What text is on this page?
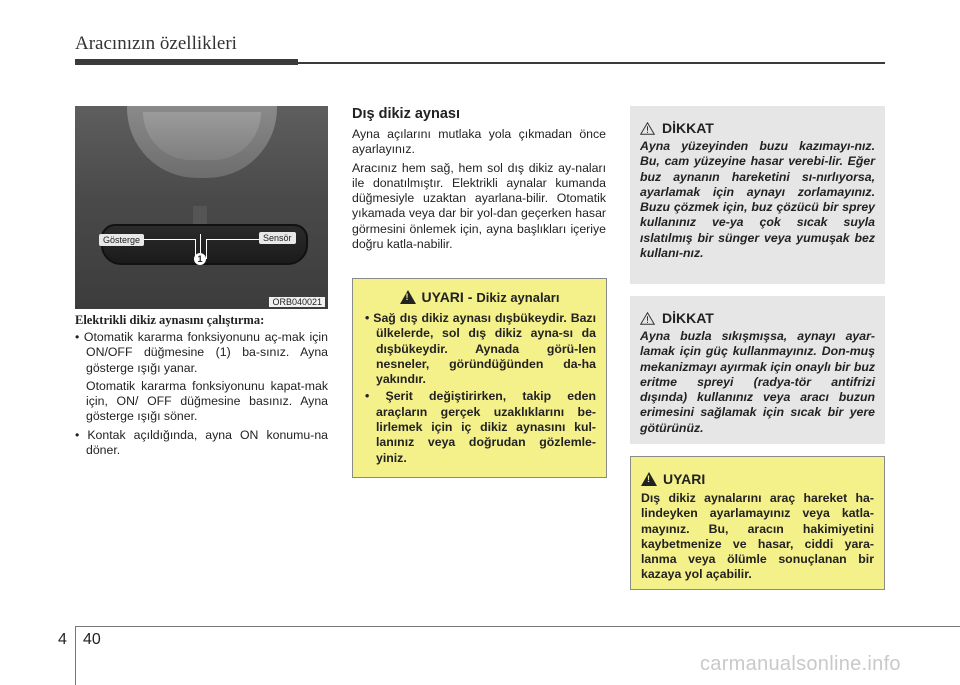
Aracınızın özellikleri
Gösterge	Sensör
1
ORB040021
Elektrikli dikiz aynasını çalıştırma:

• Otomatik kararma fonksiyonunu aç-mak için ON/OFF düğmesine (1) ba-sınız. Ayna gösterge ışığı yanar.

Otomatik kararma fonksiyonunu kapat-mak için, ON/ OFF düğmesine basınız. Ayna gösterge ışığı söner.

• Kontak açıldığında, ayna ON konumu-na döner.

Dış dikiz aynası

Ayna açılarını mutlaka yola çıkmadan önce ayarlayınız.

Aracınız hem sağ, hem sol dış dikiz ay-naları ile donatılmıştır. Elektrikli aynalar kumanda düğmesiyle uzaktan ayarlana-bilir. Otomatik yıkamada veya dar bir yol-dan geçerken hasar görmesini önlemek için, ayna başlıkları içeriye doğru katla-nabilir.

!
UYARI - Dikiz aynaları
• Sağ dış dikiz aynası dışbükeydir. Bazı ülkelerde, sol dış dikiz ayna-sı da dışbükeydir. Aynada görü-len nesneler, göründüğünden da-ha yakındır.
• Şerit değiştirirken, takip eden araçların gerçek uzaklıklarını be-lirlemek için iç dikiz aynasını kul-lanınız veya doğrudan gözlemle-yiniz.
DİKKAT
Ayna yüzeyinden buzu kazımayı-nız. Bu, cam yüzeyine hasar verebi-lir. Eğer buz aynanın hareketini sı-nırlıyorsa, ayarlamak için aynayı zorlamayınız. Buzu çözmek için, buz çözücü bir sprey kullanınız ve-ya çok sıcak suyla ıslatılmış bir sünger veya yumuşak bez kullanı-nız.
DİKKAT
Ayna buzla sıkışmışsa, aynayı ayar-lamak için güç kullanmayınız. Don-muş mekanizmayı ayırmak için onaylı bir buz eritme spreyi (radya-tör antifrizi dışında) kullanınız veya aracı buzun erimesini sağlamak için sıcak bir yere götürünüz.
!
UYARI
Dış dikiz aynalarını araç hareket ha-lindeyken ayarlamayınız veya katla-mayınız. Bu, aracın hakimiyetini kaybetmenize ve hasar, ciddi yara-lanma veya ölümle sonuçlanan bir kazaya yol açabilir.
4 40
carmanualsonline.info
